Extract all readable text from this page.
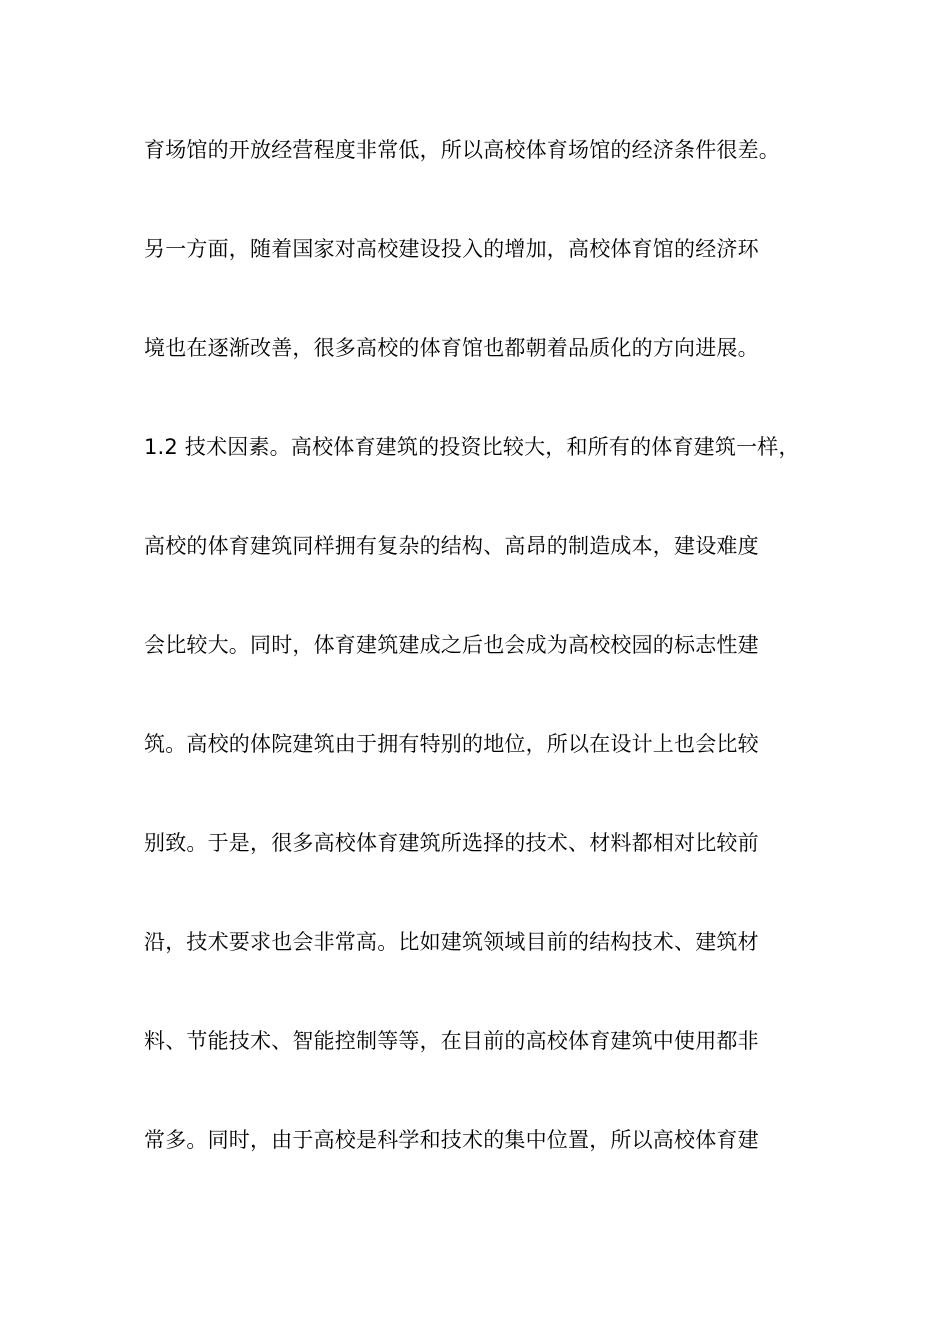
育场馆的开放经营程度非常低，所以高校体育场馆的经济条件很差。
另一方面，随着国家对高校建设投入的增加，高校体育馆的经济环
境也在逐渐改善，很多高校的体育馆也都朝着品质化的方向进展。
1.2 技术因素。高校体育建筑的投资比较大，和所有的体育建筑一样，
高校的体育建筑同样拥有复杂的结构、高昂的制造成本，建设难度
会比较大。同时，体育建筑建成之后也会成为高校校园的标志性建
筑。高校的体院建筑由于拥有特别的地位，所以在设计上也会比较
别致。于是，很多高校体育建筑所选择的技术、材料都相对比较前
沿，技术要求也会非常高。比如建筑领域目前的结构技术、建筑材
料、节能技术、智能控制等等，在目前的高校体育建筑中使用都非
常多。同时，由于高校是科学和技术的集中位置，所以高校体育建
